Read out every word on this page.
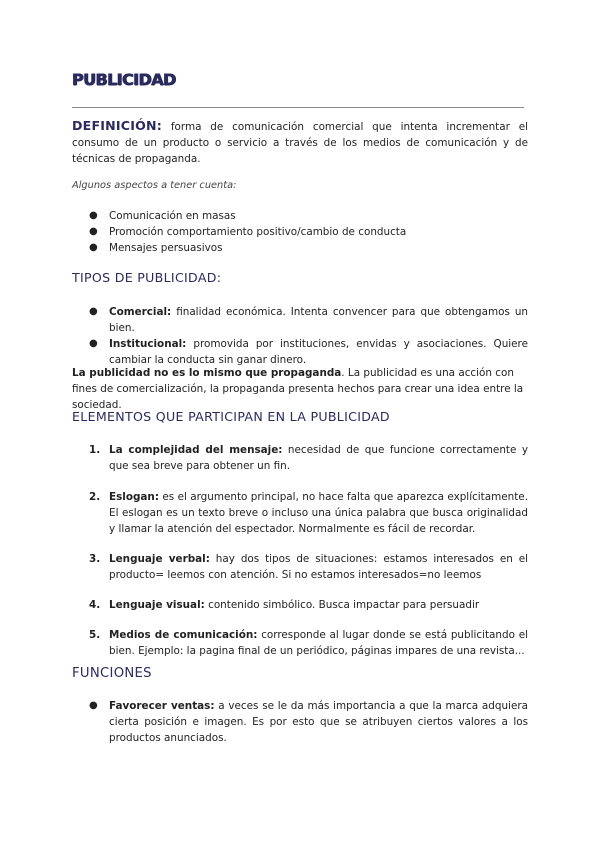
PUBLICIDAD
DEFINICIÓN: forma de comunicación comercial que intenta incrementar el consumo de un producto o servicio a través de los medios de comunicación y de técnicas de propaganda.
Algunos aspectos a tener cuenta:
● Comunicación en masas
● Promoción comportamiento positivo/cambio de conducta
● Mensajes persuasivos
TIPOS DE PUBLICIDAD:
● Comercial: finalidad económica. Intenta convencer para que obtengamos un bien.
● Institucional: promovida por instituciones, envidas y asociaciones. Quiere cambiar la conducta sin ganar dinero.
La publicidad no es lo mismo que propaganda. La publicidad es una acción con fines de comercialización, la propaganda presenta hechos para crear una idea entre la sociedad.
ELEMENTOS QUE PARTICIPAN EN LA PUBLICIDAD
1. La complejidad del mensaje: necesidad de que funcione correctamente y que sea breve para obtener un fin.
2. Eslogan: es el argumento principal, no hace falta que aparezca explícitamente. El eslogan es un texto breve o incluso una única palabra que busca originalidad y llamar la atención del espectador. Normalmente es fácil de recordar.
3. Lenguaje verbal: hay dos tipos de situaciones: estamos interesados en el producto= leemos con atención. Si no estamos interesados=no leemos
4. Lenguaje visual: contenido simbólico. Busca impactar para persuadir
5. Medios de comunicación: corresponde al lugar donde se está publicitando el bien. Ejemplo: la pagina final de un periódico, páginas impares de una revista...
FUNCIONES
● Favorecer ventas: a veces se le da más importancia a que la marca adquiera cierta posición e imagen. Es por esto que se atribuyen ciertos valores a los productos anunciados.
